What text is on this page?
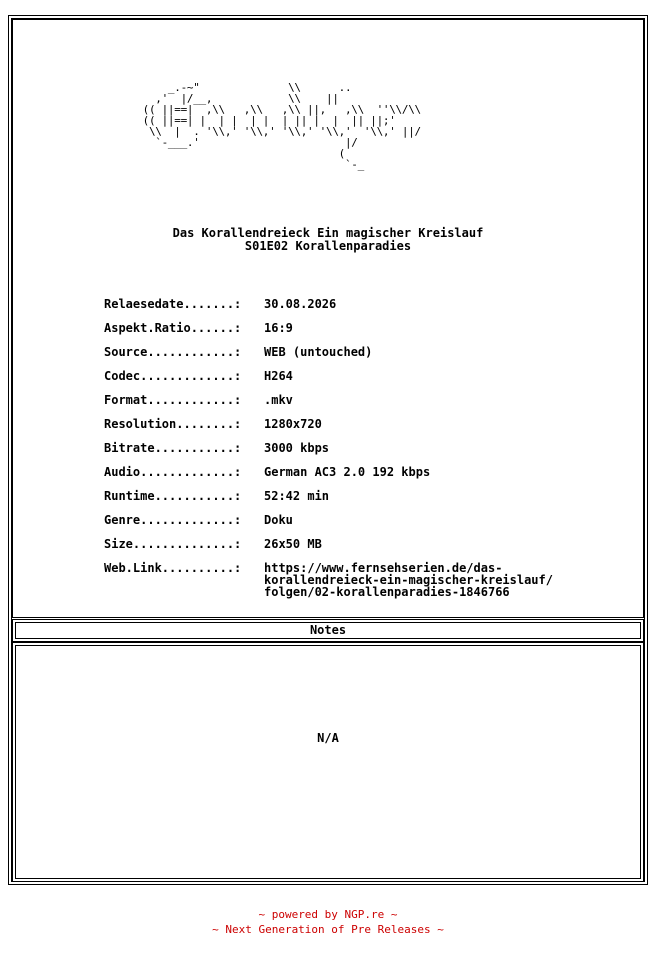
_.-~"              \\      ..
,'  |/__,            \\    ||
(( ||==|  ,\\   ,\\   ,\\ ||,   ,\\  ''\\/\\
(( ||==| |  | |  | |  | || |  |  || ||;'
\\  |  . '\\,' '\\,' '\\,' '\\,'  '\\,' ||/
`-___.'                       |/
(
`-_
Das Korallendreieck Ein magischer Kreislauf
S01E02 Korallenparadies
Relaesedate.......:	30.08.2026
Aspekt.Ratio......:	16:9
Source............:	WEB (untouched)
Codec.............:	H264
Format............:	.mkv
Resolution........:	1280x720
Bitrate...........:	3000 kbps
Audio.............:	German AC3 2.0 192 kbps
Runtime...........:	52:42 min
Genre.............:	Doku
Size..............:	26x50 MB
Web.Link..........:	https://www.fernsehserien.de/das-
korallendreieck-ein-magischer-kreislauf/
folgen/02-korallenparadies-1846766
Notes
N/A
~ powered by NGP.re ~
~ Next Generation of Pre Releases ~
